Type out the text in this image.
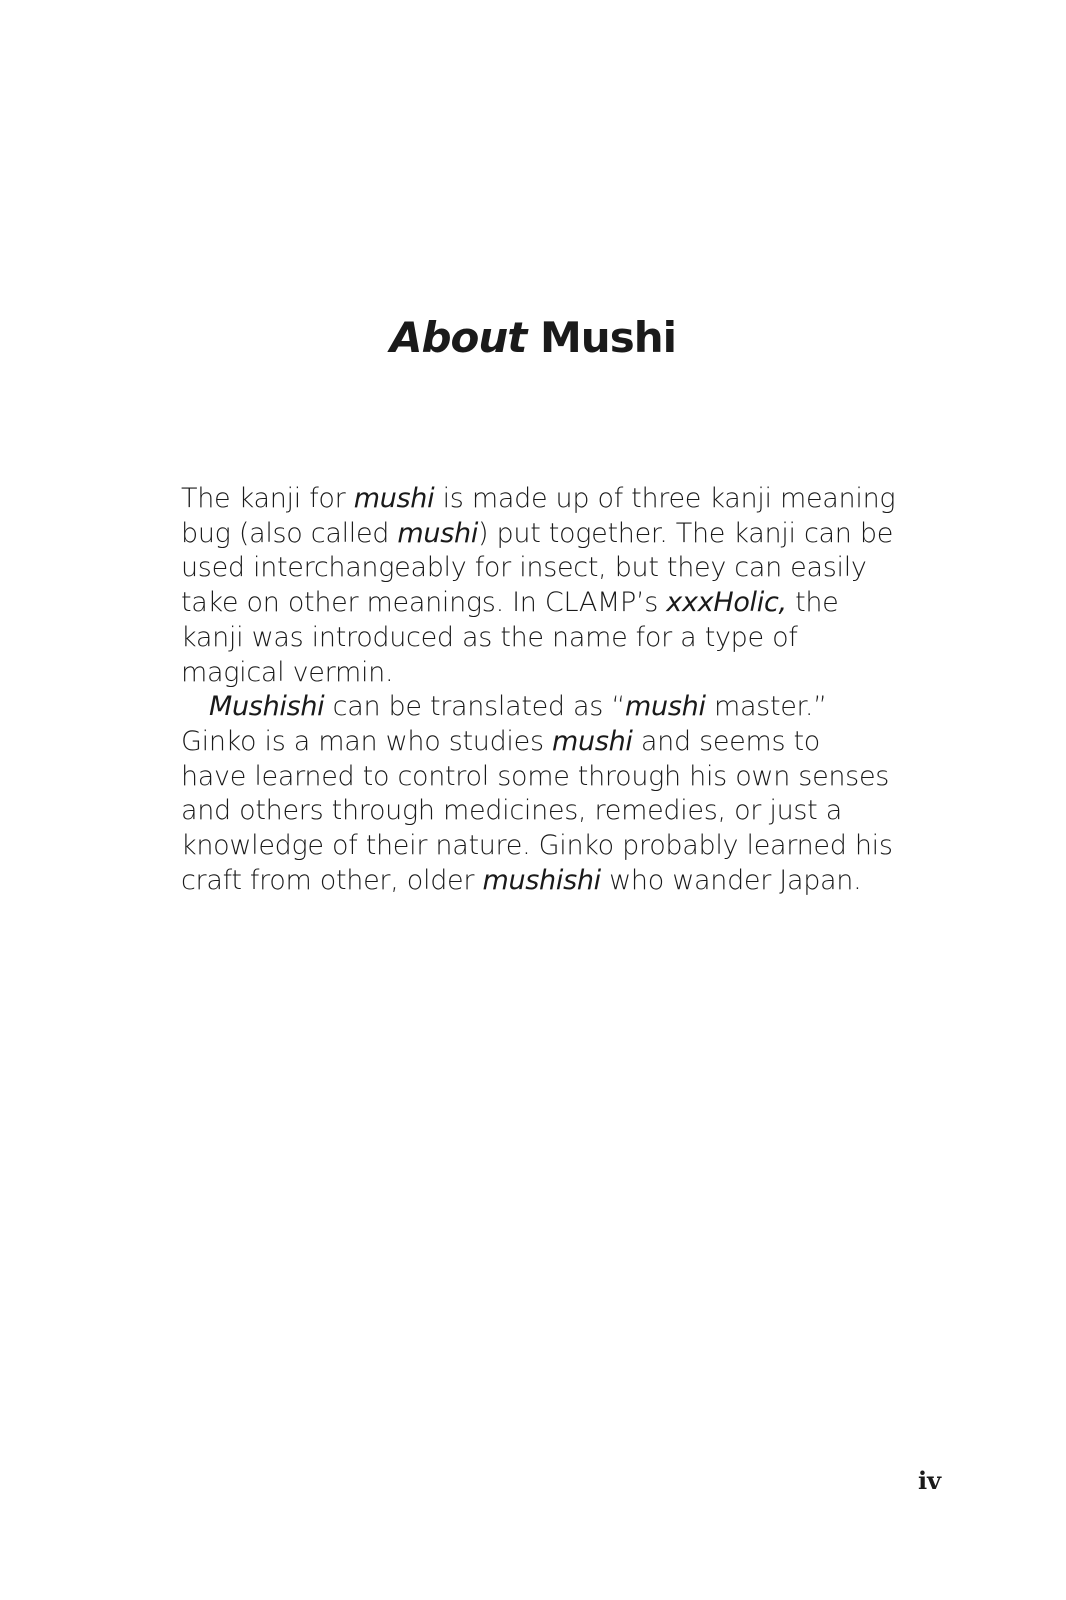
About Mushi
The kanji for mushi is made up of three kanji meaning
bug (also called mushi) put together. The kanji can be
used interchangeably for insect, but they can easily
take on other meanings. In CLAMP’s xxxHolic, the
kanji was introduced as the name for a type of
magical vermin.
Mushishi can be translated as “mushi master.”
Ginko is a man who studies mushi and seems to
have learned to control some through his own senses
and others through medicines, remedies, or just a
knowledge of their nature. Ginko probably learned his
craft from other, older mushishi who wander Japan.
iv
